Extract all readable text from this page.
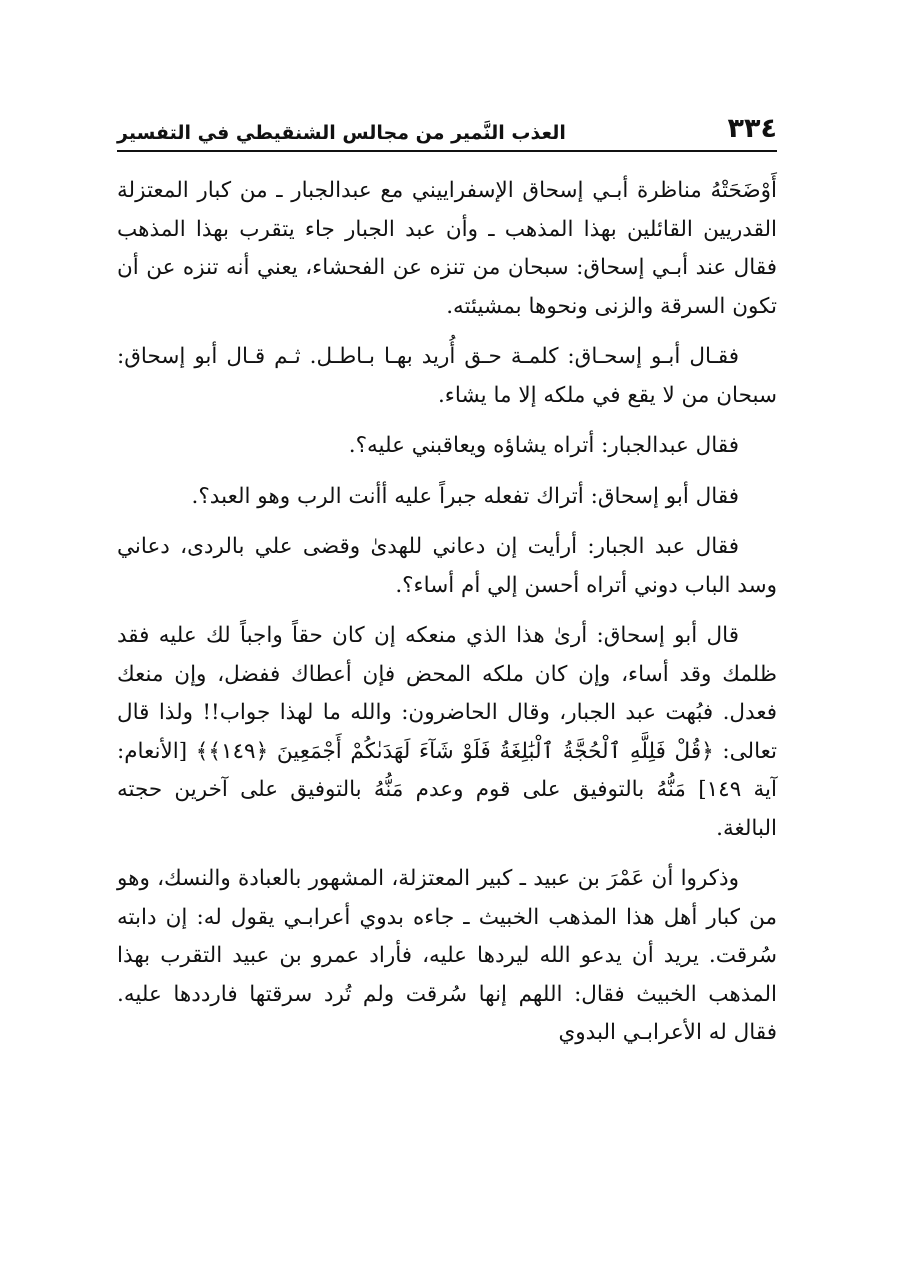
٣٣٤
العذب النَّمير من مجالس الشنقيطي في التفسير

أَوْضَحَتْهُ مناظرة أبـي إسحاق الإسفراييني مع عبدالجبار ـ من كبار المعتزلة القدريين القائلين بهذا المذهب ـ وأن عبد الجبار جاء يتقرب بهذا المذهب فقال عند أبـي إسحاق: سبحان من تنزه عن الفحشاء، يعني أنه تنزه عن أن تكون السرقة والزنى ونحوها بمشيئته.

فقـال أبـو إسحـاق: كلمـة حـق أُريد بهـا بـاطـل. ثـم قـال أبو إسحاق: سبحان من لا يقع في ملكه إلا ما يشاء.

فقال عبدالجبار: أتراه يشاؤه ويعاقبني عليه؟.

فقال أبو إسحاق: أتراك تفعله جبراً عليه أأنت الرب وهو العبد؟.

فقال عبد الجبار: أرأيت إن دعاني للهدىٰ وقضى علي بالردى، دعاني وسد الباب دوني أتراه أحسن إلي أم أساء؟.

قال أبو إسحاق: أرىٰ هذا الذي منعكه إن كان حقاً واجباً لك عليه فقد ظلمك وقد أساء، وإن كان ملكه المحض فإن أعطاك ففضل، وإن منعك فعدل. فبُهت عبد الجبار، وقال الحاضرون: والله ما لهذا جواب!! ولذا قال تعالى: ﴿قُلْ فَلِلَّهِ ٱلْحُجَّةُ ٱلْبَٰلِغَةُ فَلَوْ شَآءَ لَهَدَىٰكُمْ أَجْمَعِينَ ﴿١٤٩﴾﴾ [الأنعام: آية ١٤٩] مَنُّهُ بالتوفيق على قوم وعدم مَنُّهُ بالتوفيق على آخرين حجته البالغة.

وذكروا أن عَمْرَ بن عبيد ـ كبير المعتزلة، المشهور بالعبادة والنسك، وهو من كبار أهل هذا المذهب الخبيث ـ جاءه بدوي أعرابـي يقول له: إن دابته سُرقت. يريد أن يدعو الله ليردها عليه، فأراد عمرو بن عبيد التقرب بهذا المذهب الخبيث فقال: اللهم إنها سُرقت ولم تُرد سرقتها فارددها عليه. فقال له الأعرابـي البدوي
